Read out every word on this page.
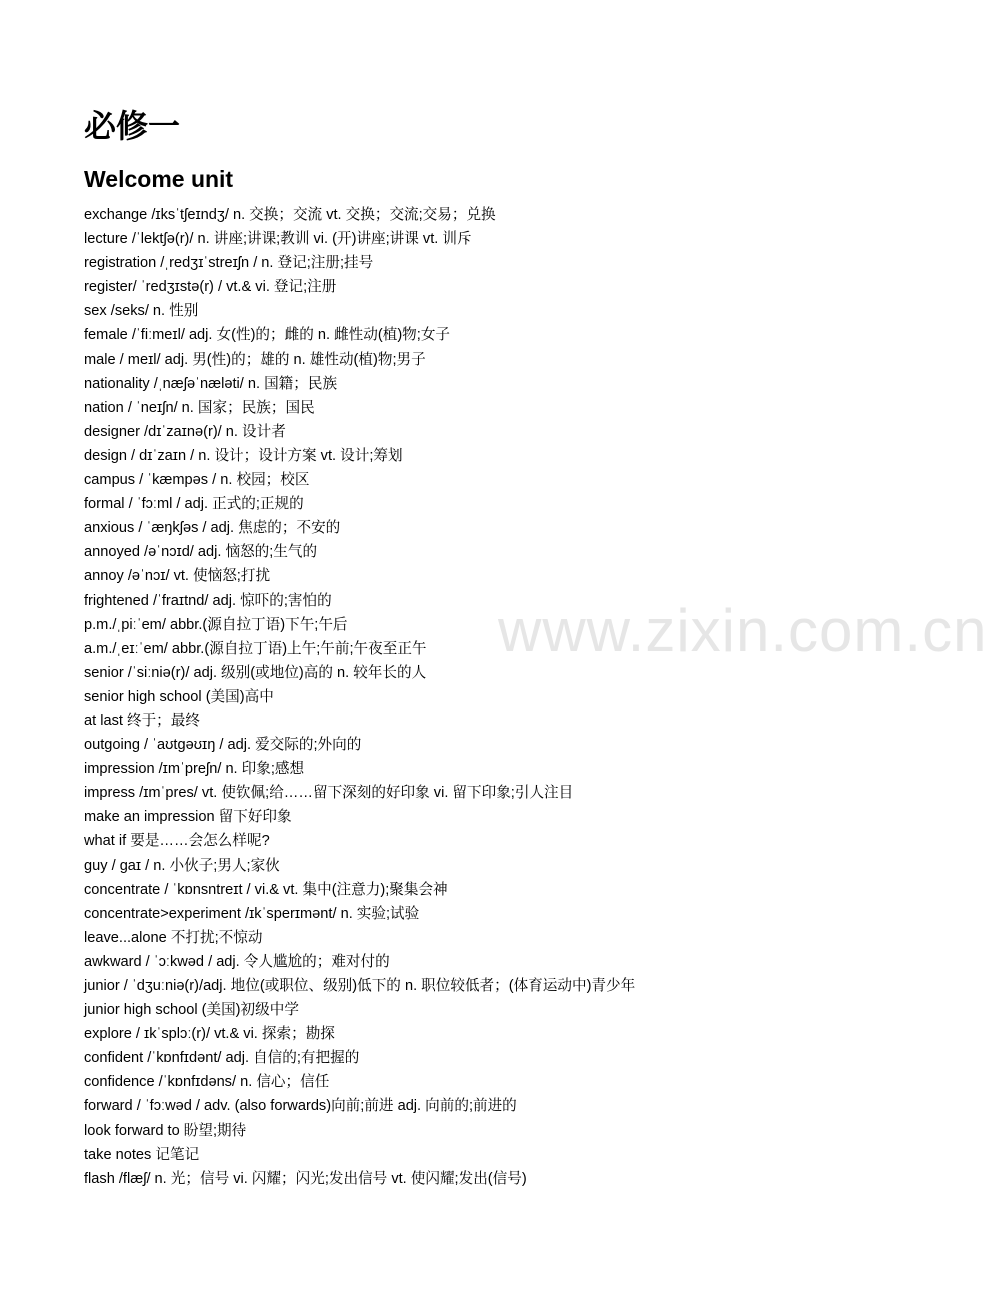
www.zixin.com.cn
必修一
Welcome unit
exchange /ɪksˈtʃeɪndʒ/ n. 交换；交流 vt. 交换；交流;交易；兑换
lecture /ˈlektʃə(r)/ n. 讲座;讲课;教训 vi. (开)讲座;讲课 vt. 训斥
registration /ˌredʒɪˈstreɪʃn / n. 登记;注册;挂号
register/ ˈredʒɪstə(r) / vt.& vi. 登记;注册
sex /seks/ n. 性别
female /ˈfiːmeɪl/ adj. 女(性)的；雌的 n. 雌性动(植)物;女子
male / meɪl/ adj. 男(性)的；雄的 n. 雄性动(植)物;男子
nationality /ˌnæʃəˈnæləti/ n. 国籍；民族
nation / ˈneɪʃn/ n. 国家；民族；国民
designer /dɪˈzaɪnə(r)/ n. 设计者
design / dɪˈzaɪn / n. 设计；设计方案 vt. 设计;筹划
campus / ˈkæmpəs / n. 校园；校区
formal / ˈfɔːml / adj. 正式的;正规的
anxious / ˈæŋkʃəs / adj. 焦虑的；不安的
annoyed /əˈnɔɪd/ adj. 恼怒的;生气的
annoy /əˈnɔɪ/ vt. 使恼怒;打扰
frightened /ˈfraɪtnd/ adj. 惊吓的;害怕的
p.m./ˌpiːˈem/ abbr.(源自拉丁语)下午;午后
a.m./ˌeɪːˈem/ abbr.(源自拉丁语)上午;午前;午夜至正午
senior /ˈsiːniə(r)/ adj. 级别(或地位)高的 n. 较年长的人
senior high school (美国)高中
at last 终于；最终
outgoing / ˈaʊtɡəʊɪŋ / adj. 爱交际的;外向的
impression /ɪmˈpreʃn/ n. 印象;感想
impress /ɪmˈpres/ vt. 使钦佩;给……留下深刻的好印象 vi. 留下印象;引人注目
make an impression 留下好印象
what if 要是……会怎么样呢?
guy / ɡaɪ / n. 小伙子;男人;家伙
concentrate / ˈkɒnsntreɪt / vi.& vt. 集中(注意力);聚集会神
concentrate>experiment /ɪkˈsperɪmənt/ n. 实验;试验
leave...alone 不打扰;不惊动
awkward / ˈɔːkwəd / adj. 令人尴尬的；难对付的
junior / ˈdʒuːniə(r)/adj. 地位(或职位、级别)低下的 n. 职位较低者；(体育运动中)青少年
junior high school (美国)初级中学
explore / ɪkˈsplɔː(r)/ vt.& vi. 探索；勘探
confident /ˈkɒnfɪdənt/ adj. 自信的;有把握的
confidence /ˈkɒnfɪdəns/ n. 信心；信任
forward / ˈfɔːwəd / adv. (also forwards)向前;前进 adj. 向前的;前进的
look forward to 盼望;期待
take notes 记笔记
flash /flæʃ/ n. 光；信号 vi. 闪耀；闪光;发出信号 vt. 使闪耀;发出(信号)
